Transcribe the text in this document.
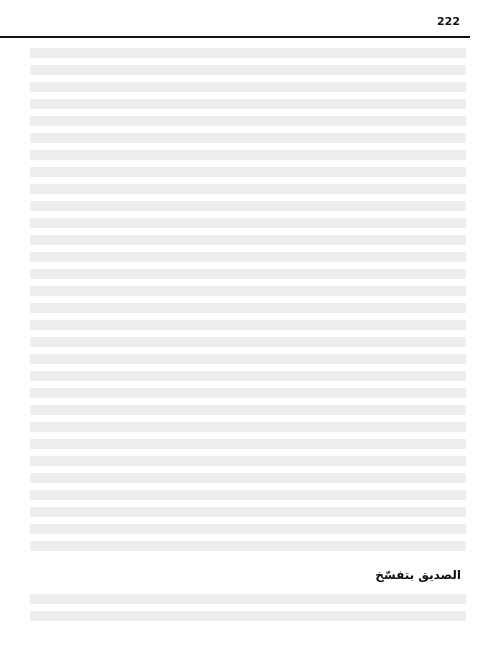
222
الصديق بتفسّخ
